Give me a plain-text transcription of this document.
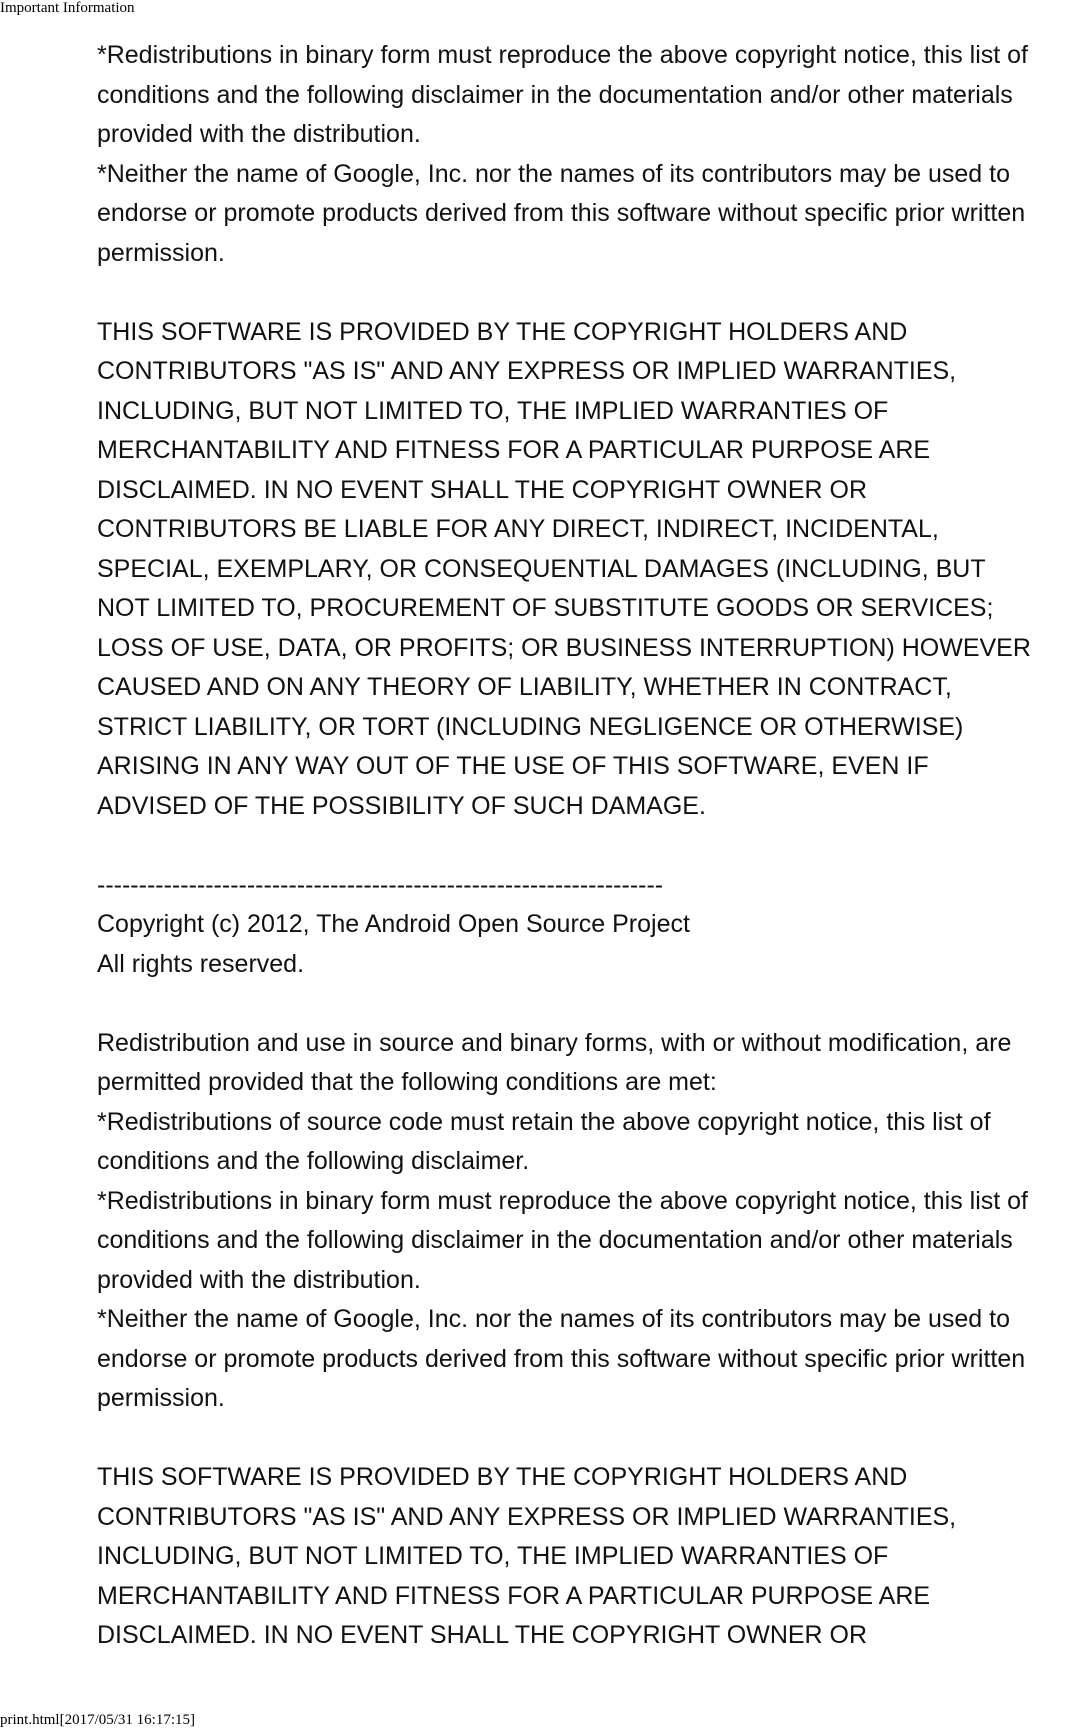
Important Information
*Redistributions in binary form must reproduce the above copyright notice, this list of
conditions and the following disclaimer in the documentation and/or other materials
provided with the distribution.
*Neither the name of Google, Inc. nor the names of its contributors may be used to
endorse or promote products derived from this software without specific prior written
permission.
THIS SOFTWARE IS PROVIDED BY THE COPYRIGHT HOLDERS AND
CONTRIBUTORS "AS IS" AND ANY EXPRESS OR IMPLIED WARRANTIES,
INCLUDING, BUT NOT LIMITED TO, THE IMPLIED WARRANTIES OF
MERCHANTABILITY AND FITNESS FOR A PARTICULAR PURPOSE ARE
DISCLAIMED. IN NO EVENT SHALL THE COPYRIGHT OWNER OR
CONTRIBUTORS BE LIABLE FOR ANY DIRECT, INDIRECT, INCIDENTAL,
SPECIAL, EXEMPLARY, OR CONSEQUENTIAL DAMAGES (INCLUDING, BUT
NOT LIMITED TO, PROCUREMENT OF SUBSTITUTE GOODS OR SERVICES;
LOSS OF USE, DATA, OR PROFITS; OR BUSINESS INTERRUPTION) HOWEVER
CAUSED AND ON ANY THEORY OF LIABILITY, WHETHER IN CONTRACT,
STRICT LIABILITY, OR TORT (INCLUDING NEGLIGENCE OR OTHERWISE)
ARISING IN ANY WAY OUT OF THE USE OF THIS SOFTWARE, EVEN IF
ADVISED OF THE POSSIBILITY OF SUCH DAMAGE.
--------------------------------------------------------------------
Copyright (c) 2012, The Android Open Source Project
All rights reserved.
Redistribution and use in source and binary forms, with or without modification, are
permitted provided that the following conditions are met:
*Redistributions of source code must retain the above copyright notice, this list of
conditions and the following disclaimer.
*Redistributions in binary form must reproduce the above copyright notice, this list of
conditions and the following disclaimer in the documentation and/or other materials
provided with the distribution.
*Neither the name of Google, Inc. nor the names of its contributors may be used to
endorse or promote products derived from this software without specific prior written
permission.
THIS SOFTWARE IS PROVIDED BY THE COPYRIGHT HOLDERS AND
CONTRIBUTORS "AS IS" AND ANY EXPRESS OR IMPLIED WARRANTIES,
INCLUDING, BUT NOT LIMITED TO, THE IMPLIED WARRANTIES OF
MERCHANTABILITY AND FITNESS FOR A PARTICULAR PURPOSE ARE
DISCLAIMED. IN NO EVENT SHALL THE COPYRIGHT OWNER OR
print.html[2017/05/31 16:17:15]
